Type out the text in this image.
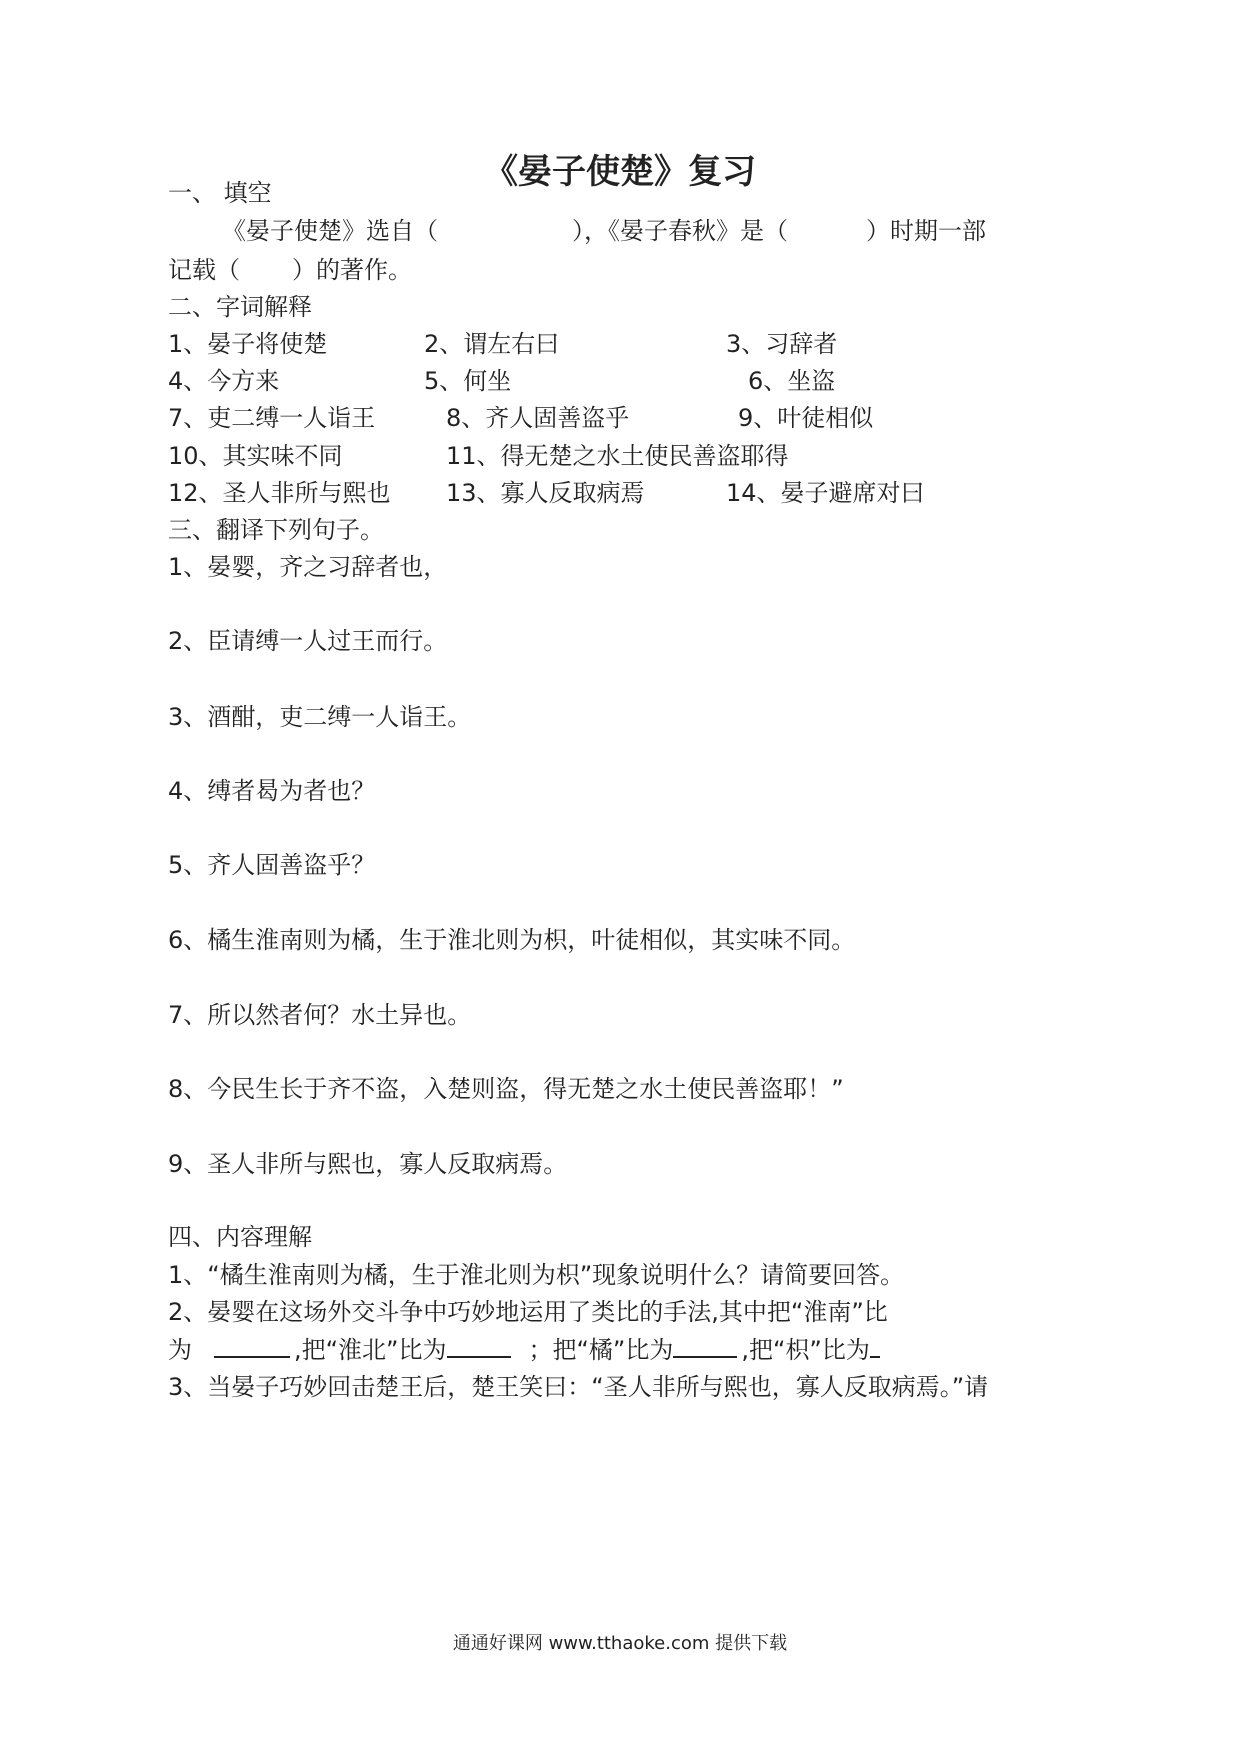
《晏子使楚》复习
一、 填空
《晏子使楚》选自（	），《晏子春秋》是（	）时期一部
记载（ ）的著作。
二、字词解释
1、晏子将使楚	2、谓左右曰	3、习辞者
4、今方来	5、何坐	6、坐盗
7、吏二缚一人诣王	8、齐人固善盗乎	9、叶徒相似
10、其实味不同	11、得无楚之水土使民善盗耶得
12、圣人非所与熙也 13、寡人反取病焉	14、晏子避席对曰
三、翻译下列句子。
1、晏婴，齐之习辞者也，
2、臣请缚一人过王而行。
3、酒酣，吏二缚一人诣王。
4、缚者曷为者也？
5、齐人固善盗乎？
6、橘生淮南则为橘，生于淮北则为枳，叶徒相似，其实味不同。
7、所以然者何？水土异也。
8、今民生长于齐不盗，入楚则盗，得无楚之水土使民善盗耶！”
9、圣人非所与熙也，寡人反取病焉。
四、内容理解
1、“橘生淮南则为橘，生于淮北则为枳”现象说明什么？请简要回答。
2、晏婴在这场外交斗争中巧妙地运用了类比的手法,其中把“淮南”比
为	,把“淮北”比为	；把“橘”比为	,把“枳”比为
3、当晏子巧妙回击楚王后，楚王笑曰：“圣人非所与熙也，寡人反取病焉。”请
通通好课网 www.tthaoke.com 提供下载
